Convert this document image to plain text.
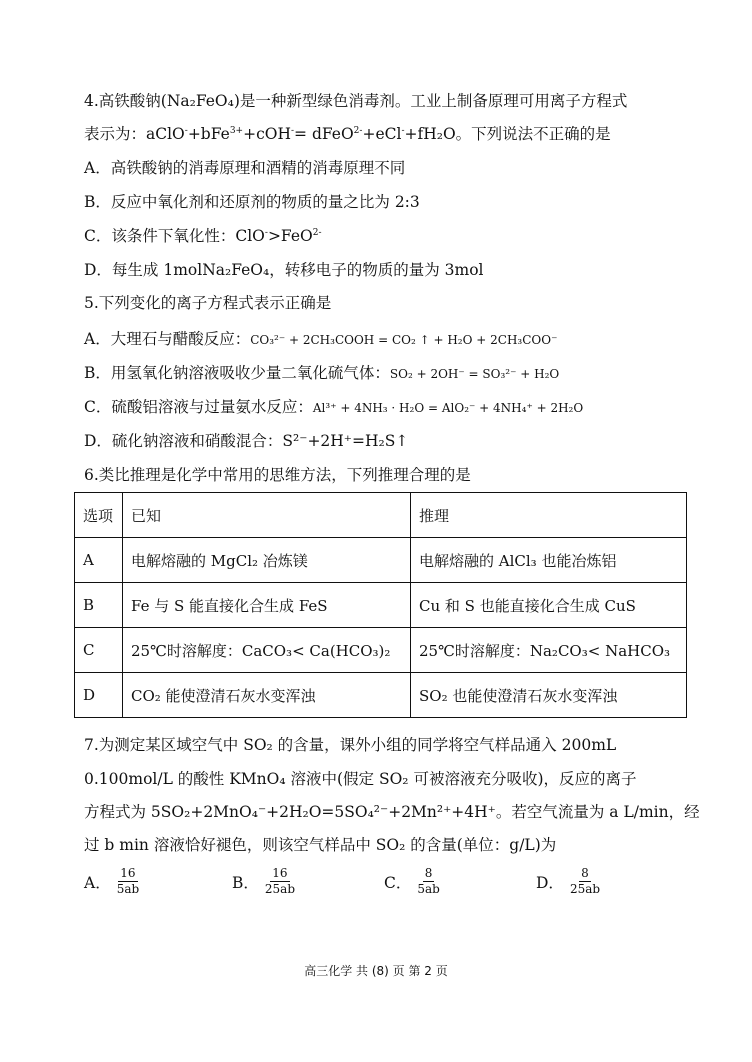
4.高铁酸钠(Na₂FeO₄)是一种新型绿色消毒剂。工业上制备原理可用离子方程式
表示为：aClO-+bFe$^{3+}$+cOH-= dFeO$^{2-}$+eCl-+fH₂O。下列说法不正确的是
A．高铁酸钠的消毒原理和酒精的消毒原理不同
B．反应中氧化剂和还原剂的物质的量之比为 2:3
C．该条件下氧化性：ClO->FeO$^{2-}$
D．每生成 1molNa₂FeO₄，转移电子的物质的量为 3mol
5.下列变化的离子方程式表示正确是
A．大理石与醋酸反应：CO₃²⁻ + 2CH₃COOH = CO₂ ↑ + H₂O + 2CH₃COO⁻
B．用氢氧化钠溶液吸收少量二氧化硫气体：SO₂ + 2OH⁻ = SO₃²⁻ + H₂O
C．硫酸铝溶液与过量氨水反应：Al³⁺ + 4NH₃ · H₂O = AlO₂⁻ + 4NH₄⁺ + 2H₂O
D．硫化钠溶液和硝酸混合：S²⁻+2H⁺=H₂S↑
6.类比推理是化学中常用的思维方法，下列推理合理的是
选项	已知	推理
A	电解熔融的 MgCl₂ 冶炼镁	电解熔融的 AlCl₃ 也能冶炼铝
B	Fe 与 S 能直接化合生成 FeS	Cu 和 S 也能直接化合生成 CuS
C	25℃时溶解度：CaCO₃< Ca(HCO₃)₂	25℃时溶解度：Na₂CO₃< NaHCO₃
D	CO₂ 能使澄清石灰水变浑浊	SO₂ 也能使澄清石灰水变浑浊
7.为测定某区域空气中 SO₂ 的含量，课外小组的同学将空气样品通入 200mL
0.100mol/L 的酸性 KMnO₄ 溶液中(假定 SO₂ 可被溶液充分吸收)，反应的离子
方程式为 5SO₂+2MnO₄⁻+2H₂O=5SO₄²⁻+2Mn²⁺+4H⁺。若空气流量为 a L/min，经
过 b min 溶液恰好褪色，则该空气样品中 SO₂ 的含量(单位：g/L)为
A． $\frac{16}{5ab}$	B． $\frac{16}{25ab}$	C． $\frac{8}{5ab}$	D． $\frac{8}{25ab}$
高三化学 共 (8) 页 第 2 页
